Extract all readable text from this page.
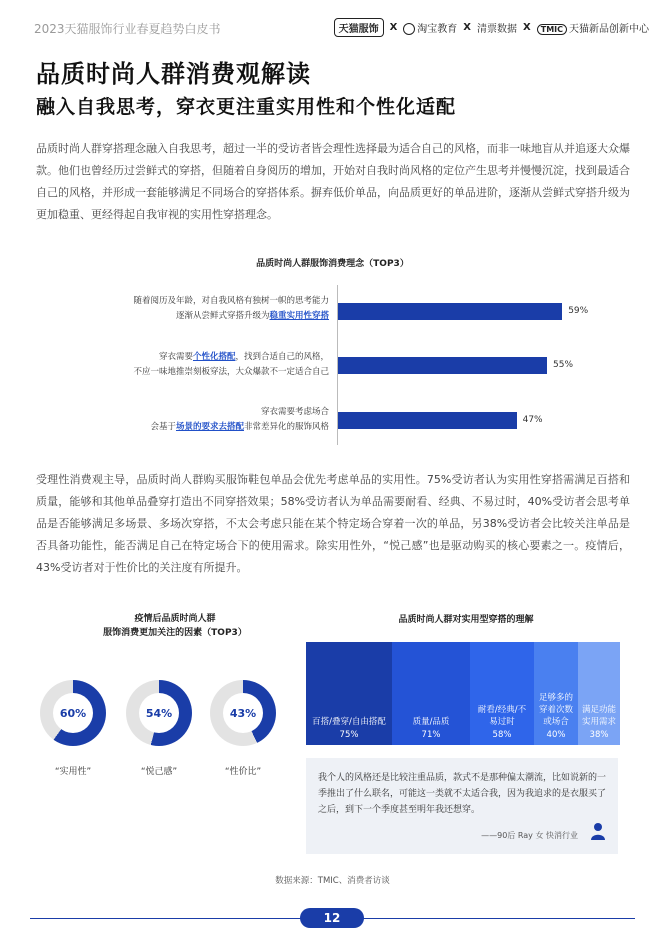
2023天猫服饰行业春夏趋势白皮书	天猫服饰	X	淘宝教育 X 清票数据 X	TMIC 天猫新品创新中心
品质时尚人群消费观解读
融入自我思考，穿衣更注重实用性和个性化适配
品质时尚人群穿搭理念融入自我思考，超过一半的受访者皆会理性选择最为适合自己的风格，而非一味地盲从并追逐大众爆款。他们也曾经历过尝鲜式的穿搭，但随着自身阅历的增加，开始对自我时尚风格的定位产生思考并慢慢沉淀，找到最适合自己的风格，并形成一套能够满足不同场合的穿搭体系。摒弃低价单品，向品质更好的单品进阶，逐渐从尝鲜式穿搭升级为更加稳重、更经得起自我审视的实用性穿搭理念。
品质时尚人群服饰消费理念（TOP3）
随着阅历及年龄，对自我风格有独树一帜的思考能力
逐渐从尝鲜式穿搭升级为稳重实用性穿搭
穿衣需要个性化搭配，找到合适自己的风格，
不应一味地推崇刻板穿法，大众爆款不一定适合自己
穿衣需要考虑场合
会基于场景的要求去搭配非常差异化的服饰风格
59%
55%
47%
受理性消费观主导，品质时尚人群购买服饰鞋包单品会优先考虑单品的实用性。75%受访者认为实用性穿搭需满足百搭和质量，能够和其他单品叠穿打造出不同穿搭效果；58%受访者认为单品需要耐看、经典、不易过时，40%受访者会思考单品是否能够满足多场景、多场次穿搭，不太会考虑只能在某个特定场合穿着一次的单品，另38%受访者会比较关注单品是否具备功能性，能否满足自己在特定场合下的使用需求。除实用性外，“悦己感”也是驱动购买的核心要素之一。疫情后，43%受访者对于性价比的关注度有所提升。
疫情后品质时尚人群
服饰消费更加关注的因素（TOP3）
60%	54%	43%
“实用性”	“悦己感”	“性价比”
品质时尚人群对实用型穿搭的理解
百搭/叠穿/自由搭配
75%
质量/品质
71%
耐看/经典/不易过时
58%
足够多的穿着次数或场合
40%
满足功能实用需求
38%
我个人的风格还是比较注重品质，款式不是那种偏太潮流，比如说新的一季推出了什么联名，可能这一类就不太适合我，因为我追求的是衣服买了之后，到下一个季度甚至明年我还想穿。
——90后 Ray 女 快消行业
数据来源：TMIC、消费者访谈
12
